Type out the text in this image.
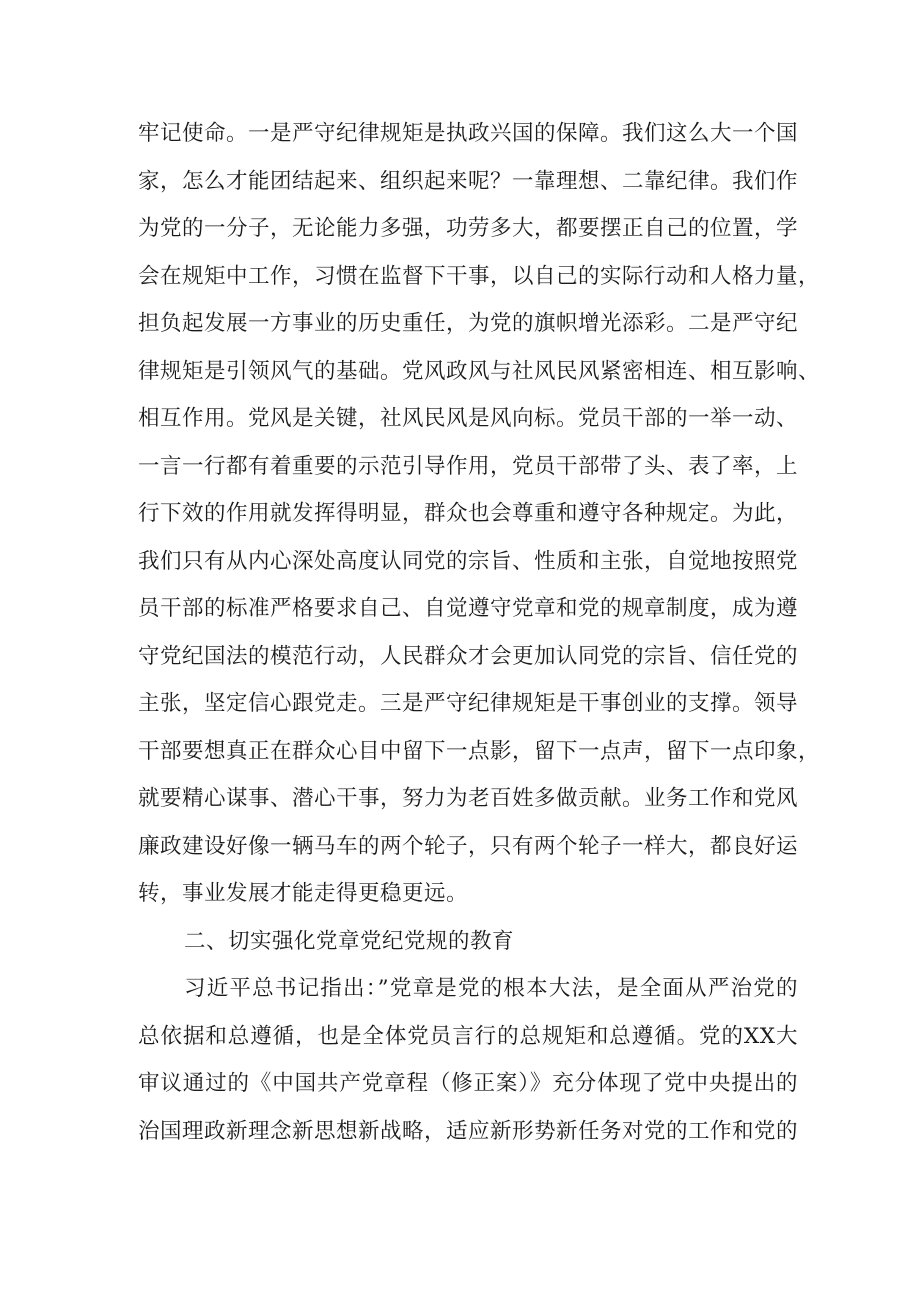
牢记使命。一是严守纪律规矩是执政兴国的保障。我们这么大一个国
家，怎么才能团结起来、组织起来呢？一靠理想、二靠纪律。我们作
为党的一分子，无论能力多强，功劳多大，都要摆正自己的位置，学
会在规矩中工作，习惯在监督下干事，以自己的实际行动和人格力量，
担负起发展一方事业的历史重任，为党的旗帜增光添彩。二是严守纪
律规矩是引领风气的基础。党风政风与社风民风紧密相连、相互影响、
相互作用。党风是关键，社风民风是风向标。党员干部的一举一动、
一言一行都有着重要的示范引导作用，党员干部带了头、表了率，上
行下效的作用就发挥得明显，群众也会尊重和遵守各种规定。为此，
我们只有从内心深处高度认同党的宗旨、性质和主张，自觉地按照党
员干部的标准严格要求自己、自觉遵守党章和党的规章制度，成为遵
守党纪国法的模范行动，人民群众才会更加认同党的宗旨、信任党的
主张，坚定信心跟党走。三是严守纪律规矩是干事创业的支撑。领导
干部要想真正在群众心目中留下一点影，留下一点声，留下一点印象，
就要精心谋事、潜心干事，努力为老百姓多做贡献。业务工作和党风
廉政建设好像一辆马车的两个轮子，只有两个轮子一样大，都良好运
转，事业发展才能走得更稳更远。
二、切实强化党章党纪党规的教育
习近平总书记指出：”党章是党的根本大法，是全面从严治党的
总依据和总遵循，也是全体党员言行的总规矩和总遵循。党的XX大
审议通过的《中国共产党章程（修正案）》充分体现了党中央提出的
治国理政新理念新思想新战略，适应新形势新任务对党的工作和党的
